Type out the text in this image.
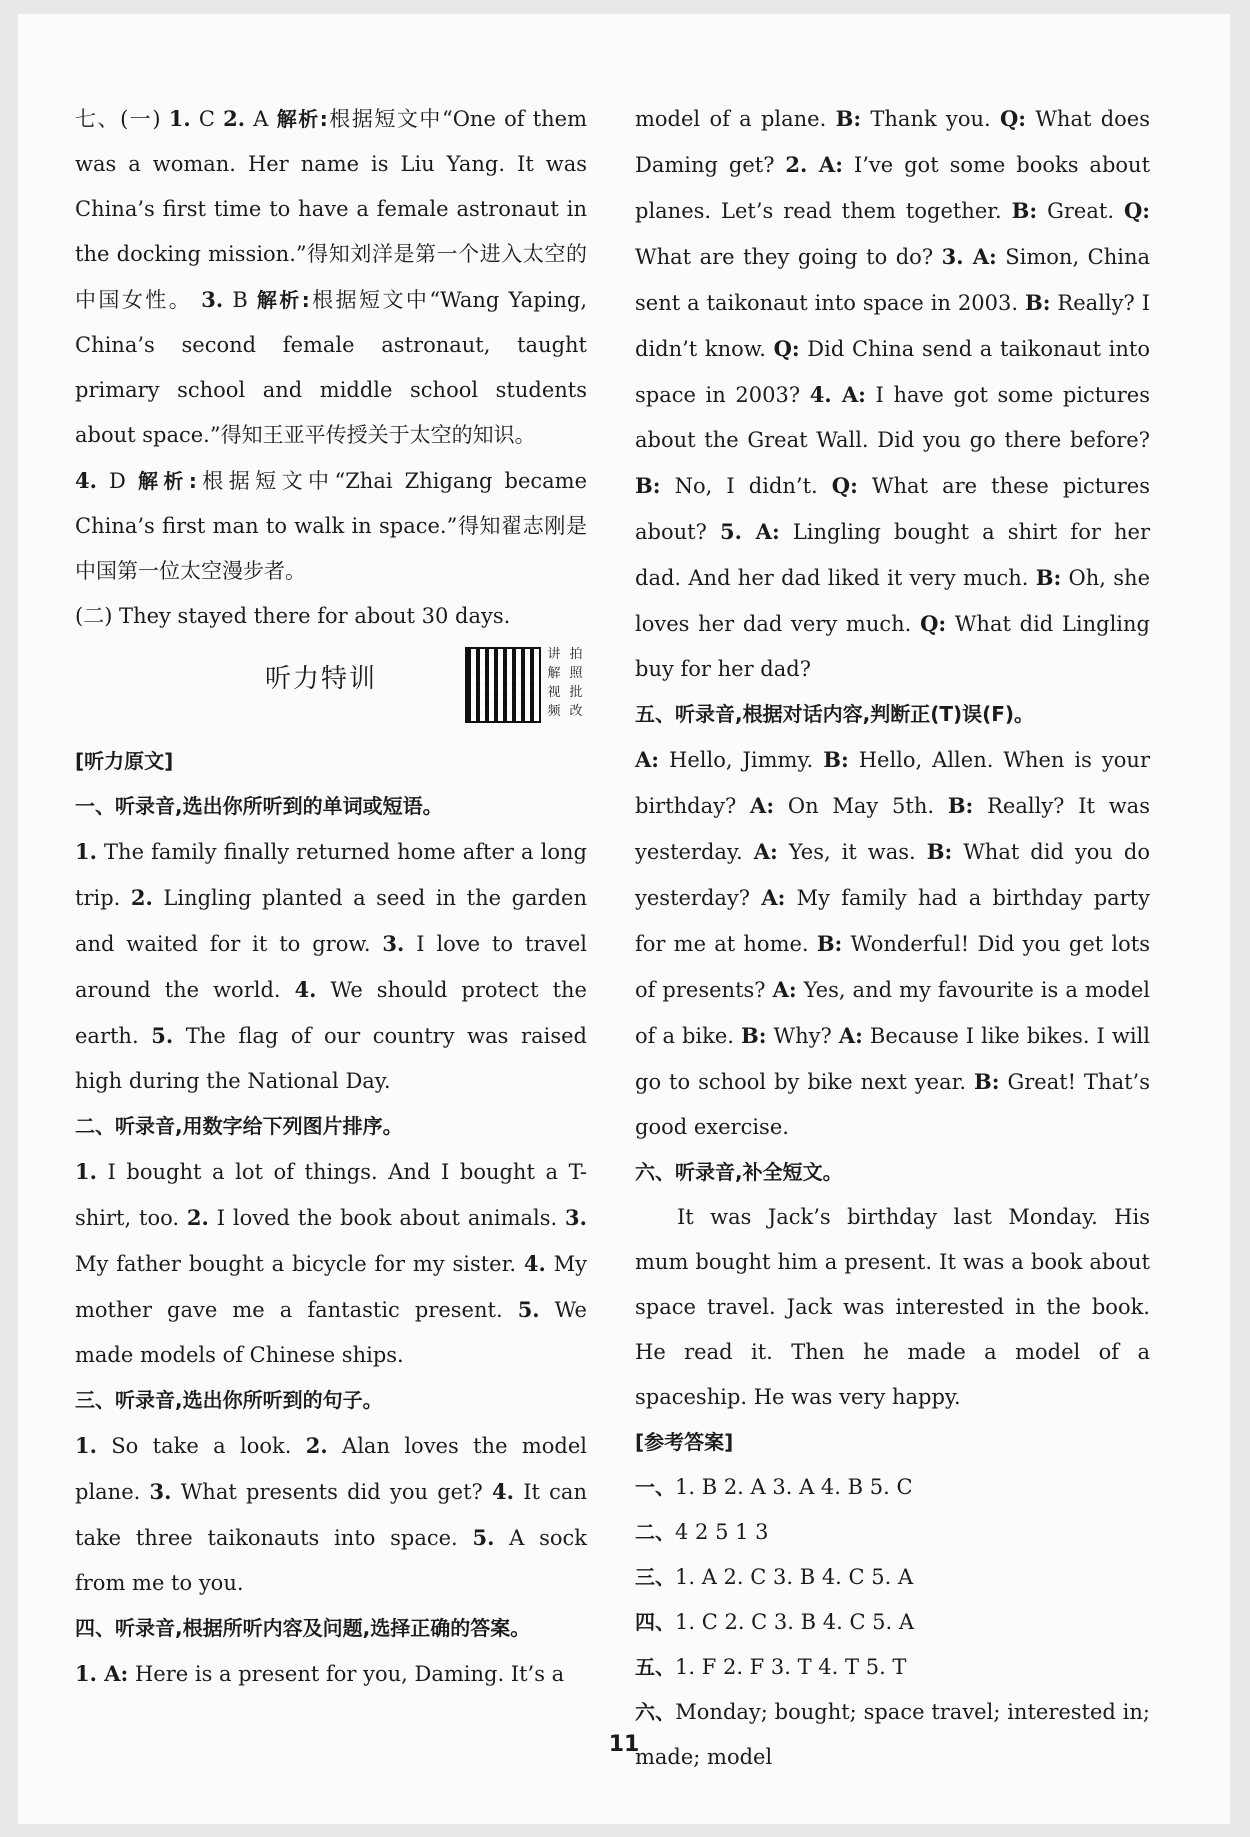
七、(一) 1. C 2. A 解析:根据短文中“One of them was a woman. Her name is Liu Yang. It was China’s first time to have a female astronaut in the docking mission.”得知刘洋是第一个进入太空的中国女性。 3. B 解析:根据短文中“Wang Yaping, China’s second female astronaut, taught primary school and middle school students about space.”得知王亚平传授关于太空的知识。

4. D 解析:根据短文中“Zhai Zhigang became China’s first man to walk in space.”得知翟志刚是中国第一位太空漫步者。

(二) They stayed there for about 30 days.

听力特训
讲 拍
解 照
视 批
频 改

[听力原文]

一、听录音,选出你所听到的单词或短语。

1. The family finally returned home after a long trip. 2. Lingling planted a seed in the garden and waited for it to grow. 3. I love to travel around the world. 4. We should protect the earth. 5. The flag of our country was raised high during the National Day.

二、听录音,用数字给下列图片排序。

1. I bought a lot of things. And I bought a T-shirt, too. 2. I loved the book about animals. 3. My father bought a bicycle for my sister. 4. My mother gave me a fantastic present. 5. We made models of Chinese ships.

三、听录音,选出你所听到的句子。

1. So take a look. 2. Alan loves the model plane. 3. What presents did you get? 4. It can take three taikonauts into space. 5. A sock from me to you.

四、听录音,根据所听内容及问题,选择正确的答案。

1. A: Here is a present for you, Daming. It’s a

model of a plane. B: Thank you. Q: What does Daming get? 2. A: I’ve got some books about planes. Let’s read them together. B: Great. Q: What are they going to do? 3. A: Simon, China sent a taikonaut into space in 2003. B: Really? I didn’t know. Q: Did China send a taikonaut into space in 2003? 4. A: I have got some pictures about the Great Wall. Did you go there before? B: No, I didn’t. Q: What are these pictures about? 5. A: Lingling bought a shirt for her dad. And her dad liked it very much. B: Oh, she loves her dad very much. Q: What did Lingling buy for her dad?

五、听录音,根据对话内容,判断正(T)误(F)。

A: Hello, Jimmy. B: Hello, Allen. When is your birthday? A: On May 5th. B: Really? It was yesterday. A: Yes, it was. B: What did you do yesterday? A: My family had a birthday party for me at home. B: Wonderful! Did you get lots of presents? A: Yes, and my favourite is a model of a bike. B: Why? A: Because I like bikes. I will go to school by bike next year. B: Great! That’s good exercise.

六、听录音,补全短文。

It was Jack’s birthday last Monday. His mum bought him a present. It was a book about space travel. Jack was interested in the book. He read it. Then he made a model of a spaceship. He was very happy.

[参考答案]

一、1. B 2. A 3. A 4. B 5. C

二、4 2 5 1 3

三、1. A 2. C 3. B 4. C 5. A

四、1. C 2. C 3. B 4. C 5. A

五、1. F 2. F 3. T 4. T 5. T

六、Monday; bought; space travel; interested in; made; model

11
